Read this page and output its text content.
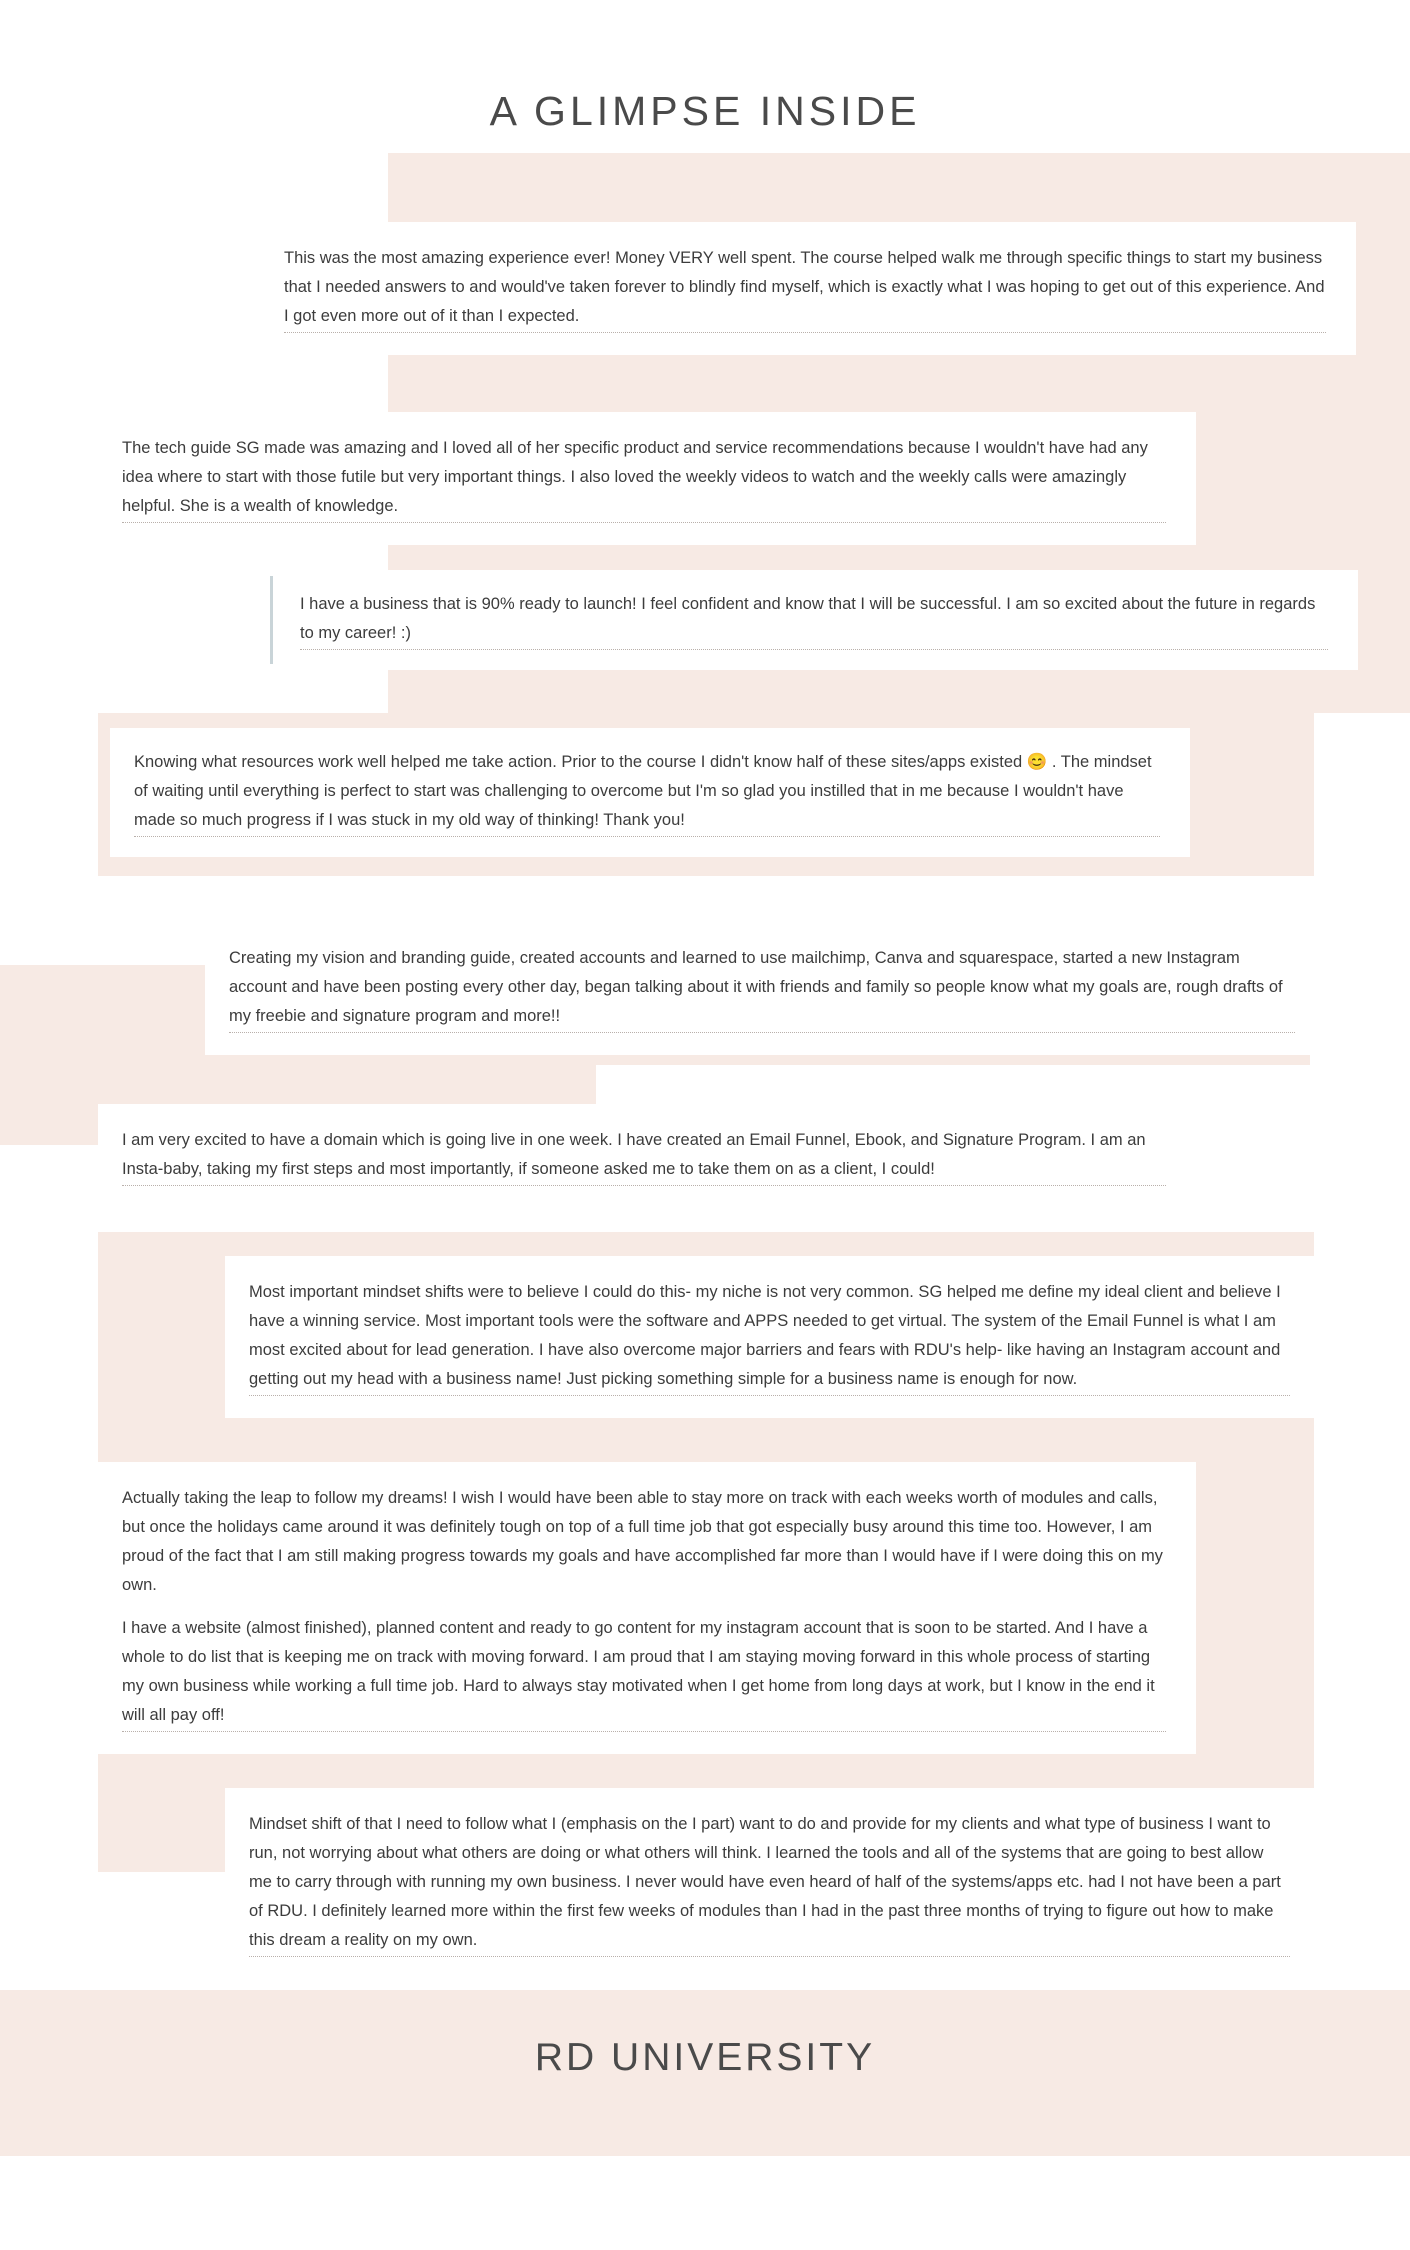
A GLIMPSE INSIDE

This was the most amazing experience ever! Money VERY well spent. The course helped walk me through specific things to start my business that I needed answers to and would've taken forever to blindly find myself, which is exactly what I was hoping to get out of this experience. And I got even more out of it than I expected.

The tech guide SG made was amazing and I loved all of her specific product and service recommendations because I wouldn't have had any idea where to start with those futile but very important things. I also loved the weekly videos to watch and the weekly calls were amazingly helpful. She is a wealth of knowledge.

I have a business that is 90% ready to launch! I feel confident and know that I will be successful. I am so excited about the future in regards to my career! :)

Knowing what resources work well helped me take action. Prior to the course I didn't know half of these sites/apps existed 😊 . The mindset of waiting until everything is perfect to start was challenging to overcome but I'm so glad you instilled that in me because I wouldn't have made so much progress if I was stuck in my old way of thinking! Thank you!

Creating my vision and branding guide, created accounts and learned to use mailchimp, Canva and squarespace, started a new Instagram account and have been posting every other day, began talking about it with friends and family so people know what my goals are, rough drafts of my freebie and signature program and more!!

I am very excited to have a domain which is going live in one week. I have created an Email Funnel, Ebook, and Signature Program. I am an Insta-baby, taking my first steps and most importantly, if someone asked me to take them on as a client, I could!

Most important mindset shifts were to believe I could do this- my niche is not very common. SG helped me define my ideal client and believe I have a winning service. Most important tools were the software and APPS needed to get virtual. The system of the Email Funnel is what I am most excited about for lead generation. I have also overcome major barriers and fears with RDU's help- like having an Instagram account and getting out my head with a business name! Just picking something simple for a business name is enough for now.

Actually taking the leap to follow my dreams! I wish I would have been able to stay more on track with each weeks worth of modules and calls, but once the holidays came around it was definitely tough on top of a full time job that got especially busy around this time too. However, I am proud of the fact that I am still making progress towards my goals and have accomplished far more than I would have if I were doing this on my own.

I have a website (almost finished), planned content and ready to go content for my instagram account that is soon to be started. And I have a whole to do list that is keeping me on track with moving forward. I am proud that I am staying moving forward in this whole process of starting my own business while working a full time job. Hard to always stay motivated when I get home from long days at work, but I know in the end it will all pay off!

Mindset shift of that I need to follow what I (emphasis on the I part) want to do and provide for my clients and what type of business I want to run, not worrying about what others are doing or what others will think. I learned the tools and all of the systems that are going to best allow me to carry through with running my own business. I never would have even heard of half of the systems/apps etc. had I not have been a part of RDU. I definitely learned more within the first few weeks of modules than I had in the past three months of trying to figure out how to make this dream a reality on my own.

RD UNIVERSITY
